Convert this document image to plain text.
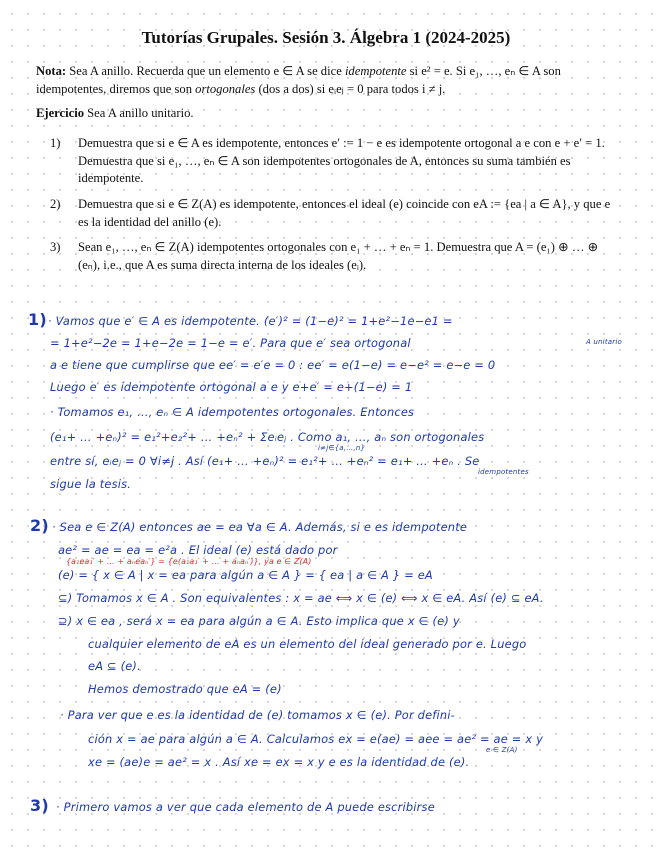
Tutorías Grupales. Sesión 3. Álgebra 1 (2024-2025)
Nota: Sea A anillo. Recuerda que un elemento e ∈ A se dice idempotente si e² = e. Si e₁, …, eₙ ∈ A son idempotentes, diremos que son ortogonales (dos a dos) si eᵢeⱼ = 0 para todos i ≠ j.
Ejercicio Sea A anillo unitario.
1)	Demuestra que si e ∈ A es idempotente, entonces e′ := 1 − e es idempotente ortogonal a e con e + e′ = 1. Demuestra que si e₁, …, eₙ ∈ A son idempotentes ortogonales de A, entonces su suma también es idempotente.
2)	Demuestra que si e ∈ Z(A) es idempotente, entonces el ideal (e) coincide con eA := {ea | a ∈ A}, y que e es la identidad del anillo (e).
3)	Sean e₁, …, eₙ ∈ Z(A) idempotentes ortogonales con e₁ + … + eₙ = 1. Demuestra que A = (e₁) ⊕ … ⊕ (eₙ), i.e., que A es suma directa interna de los ideales (eᵢ).
1) · Vamos que e′ ∈ A es idempotente. (e′)² = (1−e)² = 1+e²−1e−e1 =
= 1+e²−2e = 1+e−2e = 1−e = e′. Para que e′ sea ortogonal	A unitario
a e tiene que cumplirse que ee′ = e′e = 0 : ee′ = e(1−e) = e−e² = e−e = 0
Luego e′ es idempotente ortogonal a e y e+e′ = e+(1−e) = 1
· Tomamos e₁, …, eₙ ∈ A idempotentes ortogonales. Entonces
(e₁+ … +eₙ)² = e₁²+e₂²+ … +eₙ² + Σeᵢeⱼ . Como a₁, …, aₙ son ortogonales
i≠j∈{a,…,n}
entre sí, eᵢeⱼ = 0 ∀i≠j . Así (e₁+ … +eₙ)² = e₁²+ … +eₙ² = e₁+ … +eₙ . Se
idempotentes
sigue la tesis.
2) · Sea e ∈ Z(A) entonces ae = ea ∀a ∈ A. Además, si e es idempotente
ae² = ae = ea = e²a . El ideal (e) está dado por
{a₁ea₁′ + … + aₙeaₙ′} = {e(a₁a₁′ + … + aₙaₙ′)}, ya e ∈ Z(A)
(e) = { x ∈ A | x = ea para algún a ∈ A } = { ea | a ∈ A } = eA
⊆) Tomamos x ∈ A . Son equivalentes : x = ae ⟺ x ∈ (e) ⟺ x ∈ eA. Así (e) ⊆ eA.
⊇) x ∈ ea , será x = ea para algún a ∈ A. Esto implica que x ∈ (e) y
cualquier elemento de eA es un elemento del ideal generado por e. Luego
eA ⊆ (e).
Hemos demostrado que eA = (e)
· Para ver que e es la identidad de (e) tomamos x ∈ (e). Por defini-
ción x = ae para algún a ∈ A. Calculamos ex = e(ae) = aee = ae² = ae = x y
e ∈ Z(A)
xe = (ae)e = ae² = x . Así xe = ex = x y e es la identidad de (e).
3) · Primero vamos a ver que cada elemento de A puede escribirse
